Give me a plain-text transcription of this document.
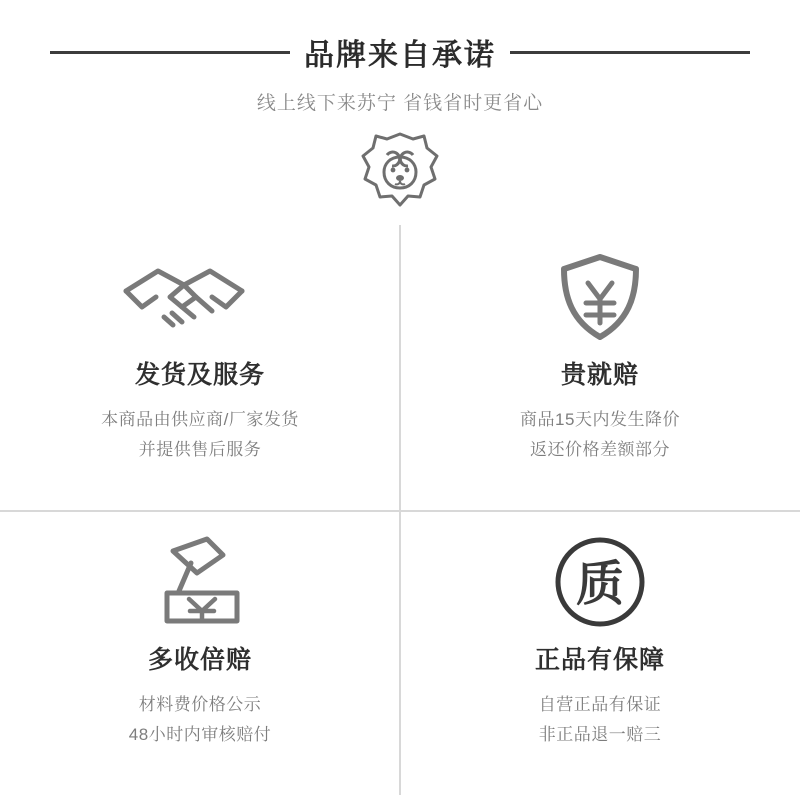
品牌来自承诺
线上线下来苏宁 省钱省时更省心
发货及服务
本商品由供应商/厂家发货
并提供售后服务
贵就赔
商品15天内发生降价
返还价格差额部分
多收倍赔
材料费价格公示
48小时内审核赔付
质
正品有保障
自营正品有保证
非正品退一赔三
